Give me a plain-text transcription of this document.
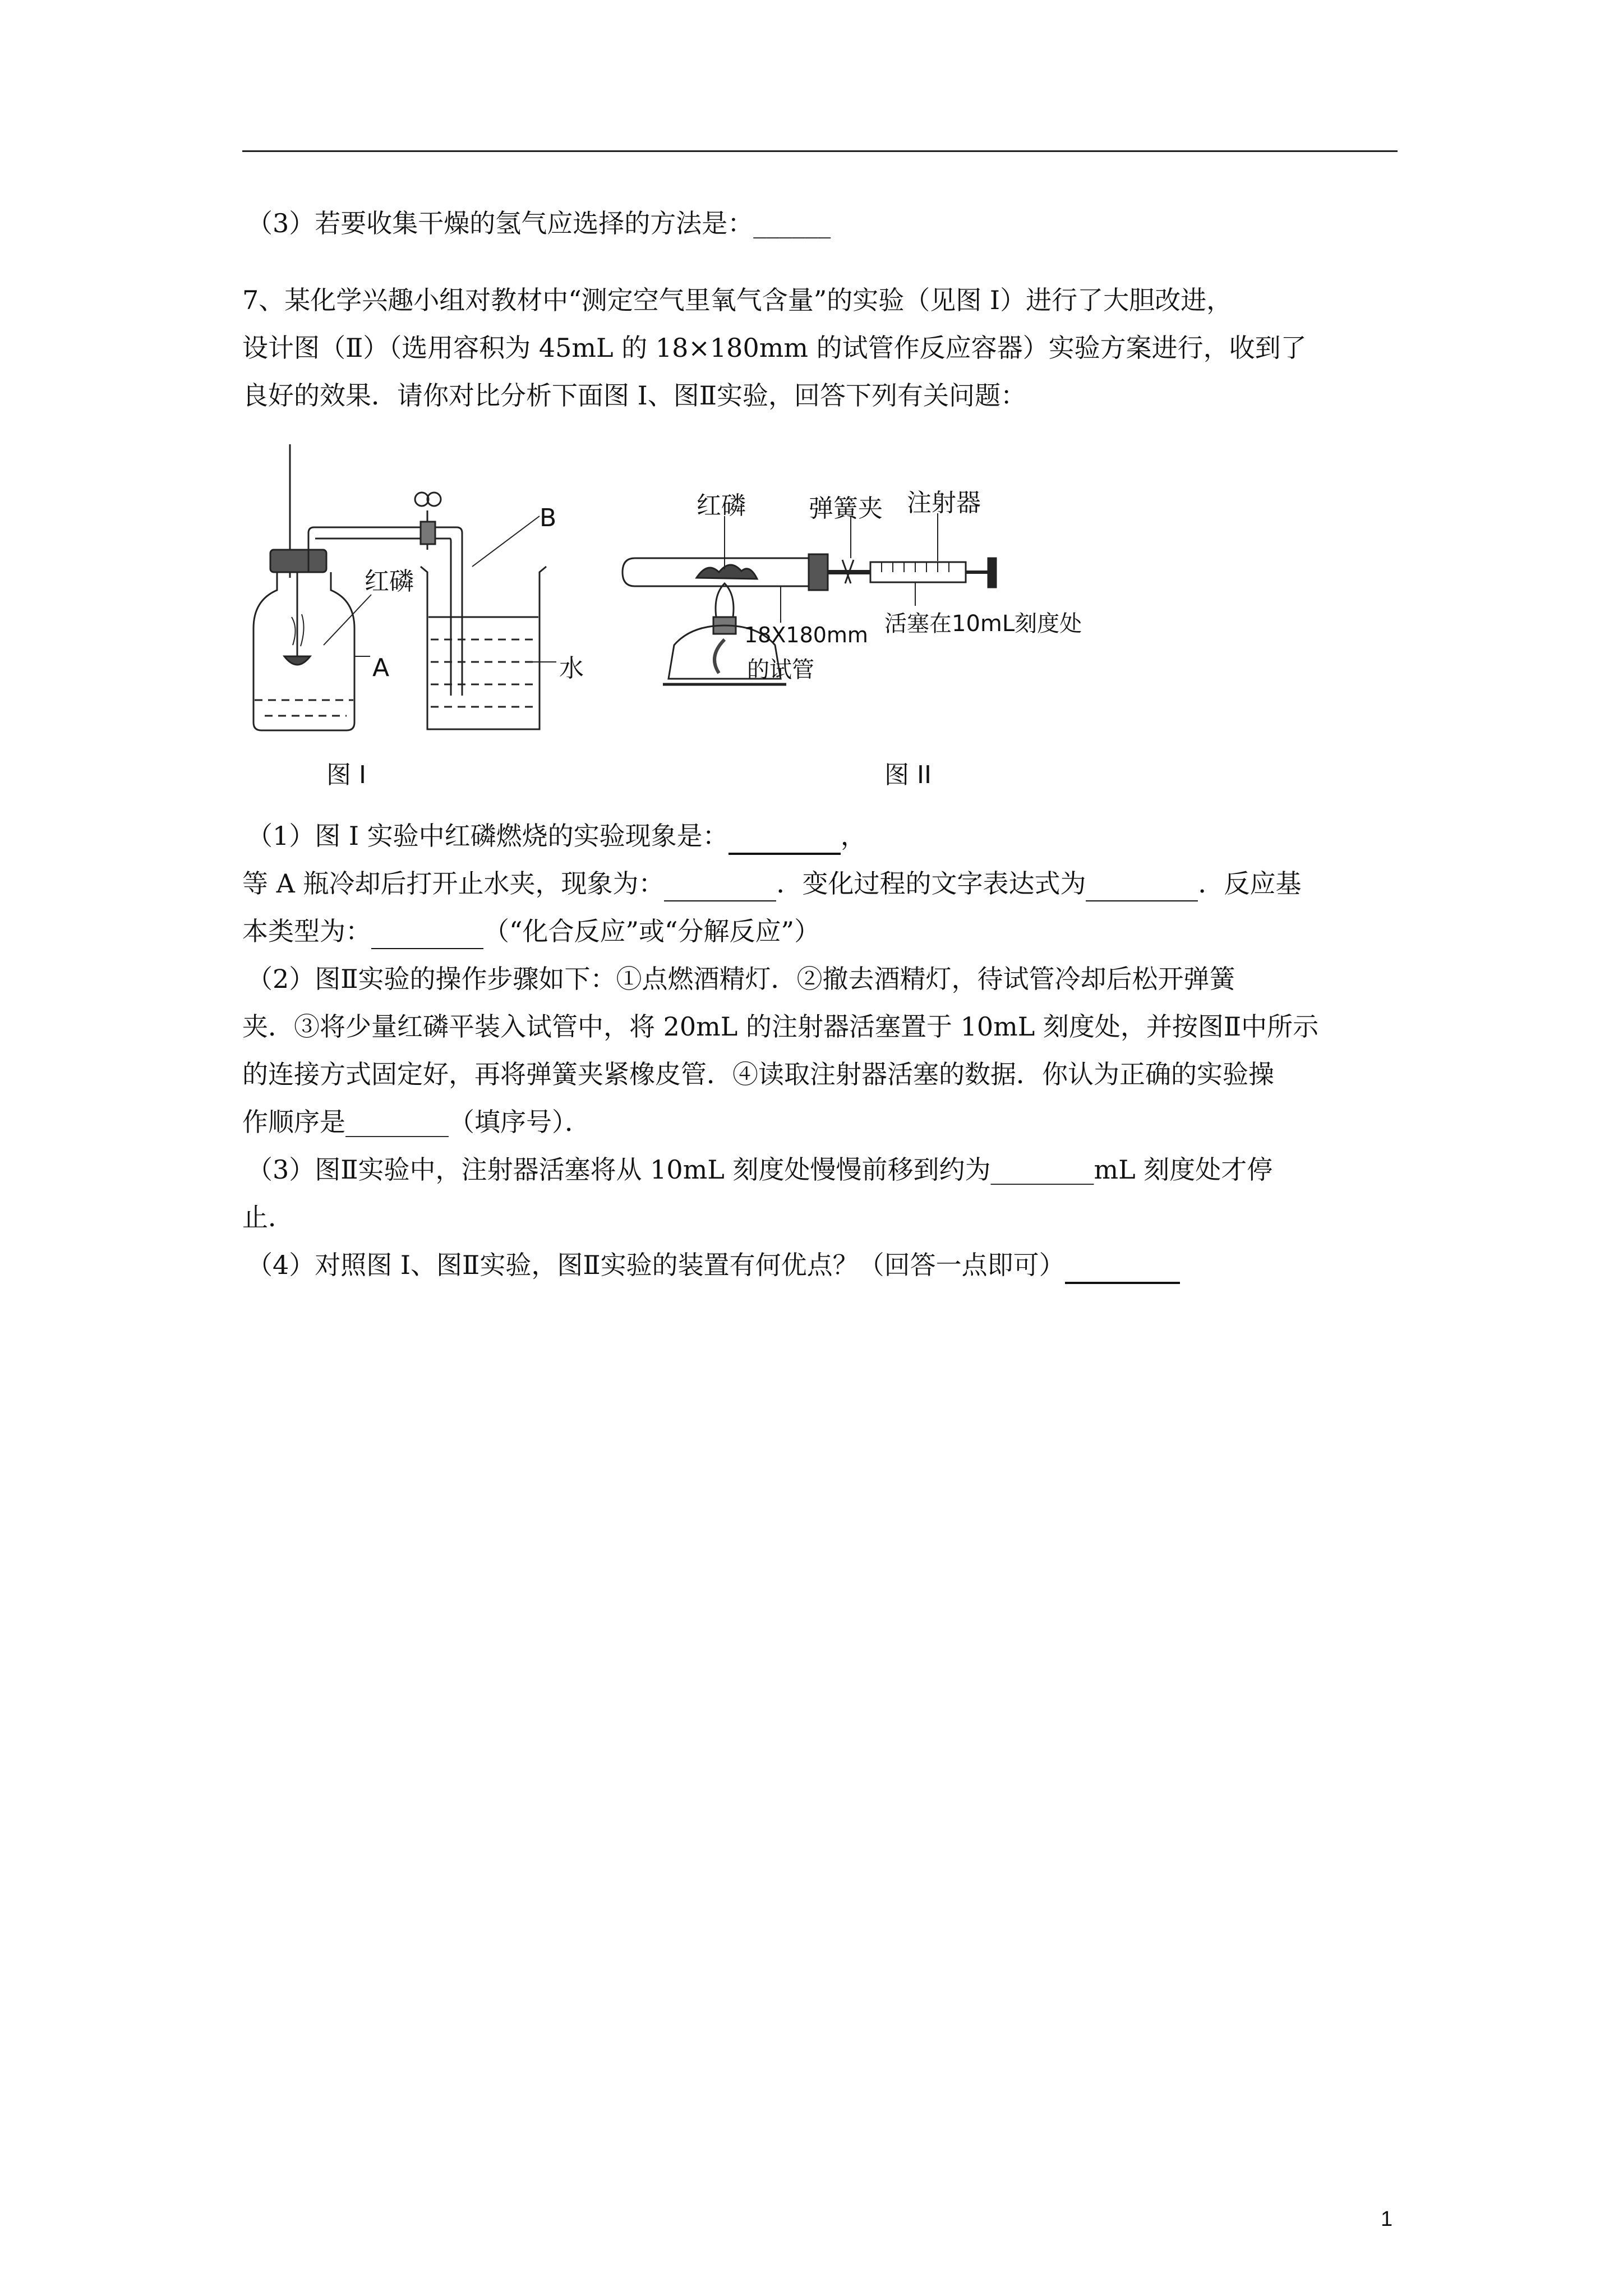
（3）若要收集干燥的氢气应选择的方法是：______
7、某化学兴趣小组对教材中“测定空气里氧气含量”的实验（见图 I）进行了大胆改进，
设计图（Ⅱ）（选用容积为 45mL 的 18×180mm 的试管作反应容器）实验方案进行，收到了
良好的效果．请你对比分析下面图 I、图Ⅱ实验，回答下列有关问题：
红磷
B
A	水
图 I
红磷	弹簧夹 注射器
活塞在10mL刻度处
18X180mm
的试管
图 II
（1）图 I 实验中红磷燃烧的实验现象是：	，
等 A 瓶冷却后打开止水夹，现象为：	．变化过程的文字表达式为	．反应基
本类型为：	（“化合反应”或“分解反应”）
（2）图Ⅱ实验的操作步骤如下：①点燃酒精灯．②撤去酒精灯，待试管冷却后松开弹簧
夹．③将少量红磷平装入试管中，将 20mL 的注射器活塞置于 10mL 刻度处，并按图Ⅱ中所示
的连接方式固定好，再将弹簧夹紧橡皮管．④读取注射器活塞的数据．你认为正确的实验操
作顺序是________（填序号）．
（3）图Ⅱ实验中，注射器活塞将从 10mL 刻度处慢慢前移到约为________mL 刻度处才停
止．
（4）对照图 I、图Ⅱ实验，图Ⅱ实验的装置有何优点？（回答一点即可）
1
